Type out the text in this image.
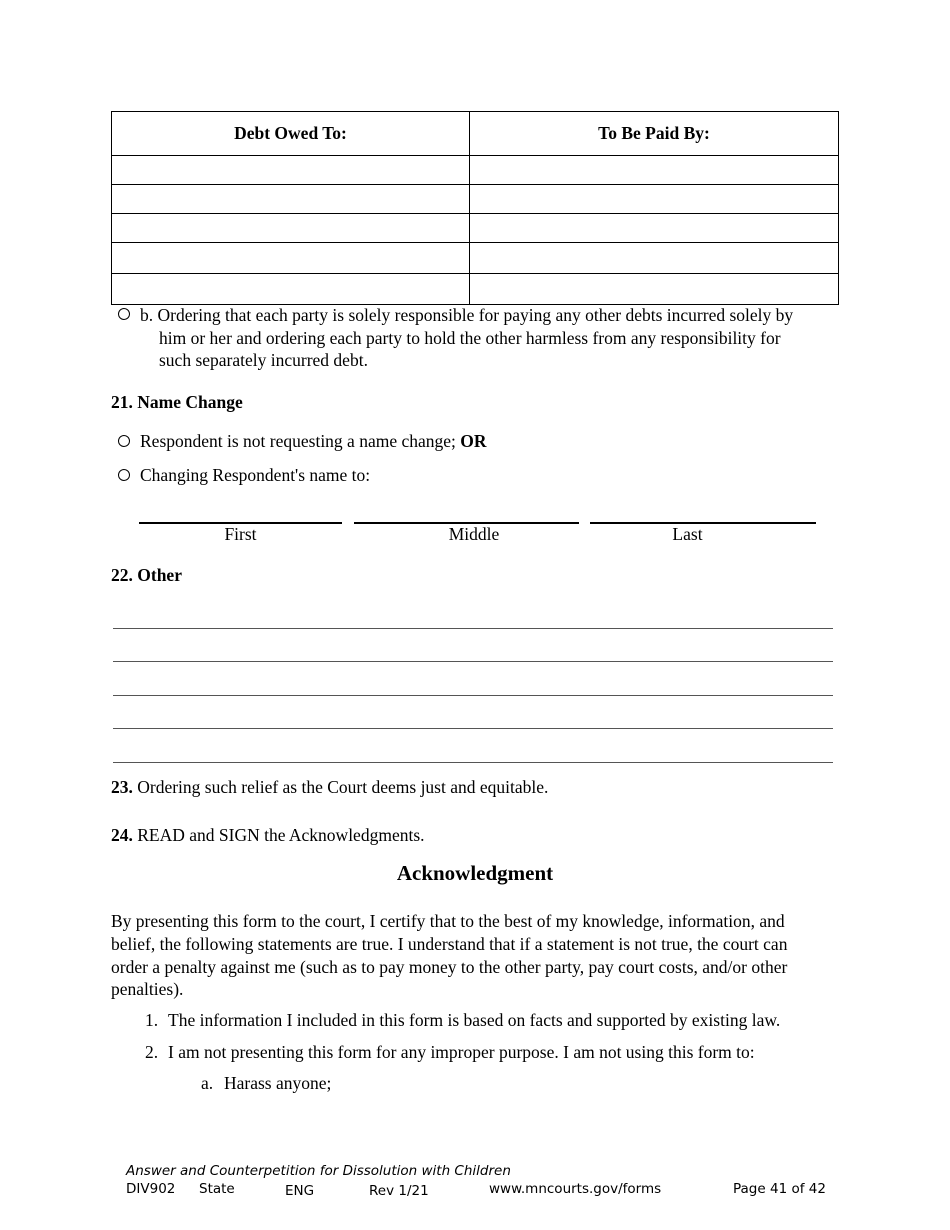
Debt Owed To:	To Be Paid By:

b. Ordering that each party is solely responsible for paying any other debts incurred solely by
him or her and ordering each party to hold the other harmless from any responsibility for
such separately incurred debt.
21. Name Change
Respondent is not requesting a name change; OR
Changing Respondent's name to:
First	Middle	Last
22. Other
23. Ordering such relief as the Court deems just and equitable.
24. READ and SIGN the Acknowledgments.
Acknowledgment
By presenting this form to the court, I certify that to the best of my knowledge, information, and
belief, the following statements are true. I understand that if a statement is not true, the court can
order a penalty against me (such as to pay money to the other party, pay court costs, and/or other
penalties).
1. The information I included in this form is based on facts and supported by existing law.
2. I am not presenting this form for any improper purpose. I am not using this form to:
a. Harass anyone;
Answer and Counterpetition for Dissolution with Children
DIV902 State	ENG	Rev 1/21	www.mncourts.gov/forms	Page 41 of 42
